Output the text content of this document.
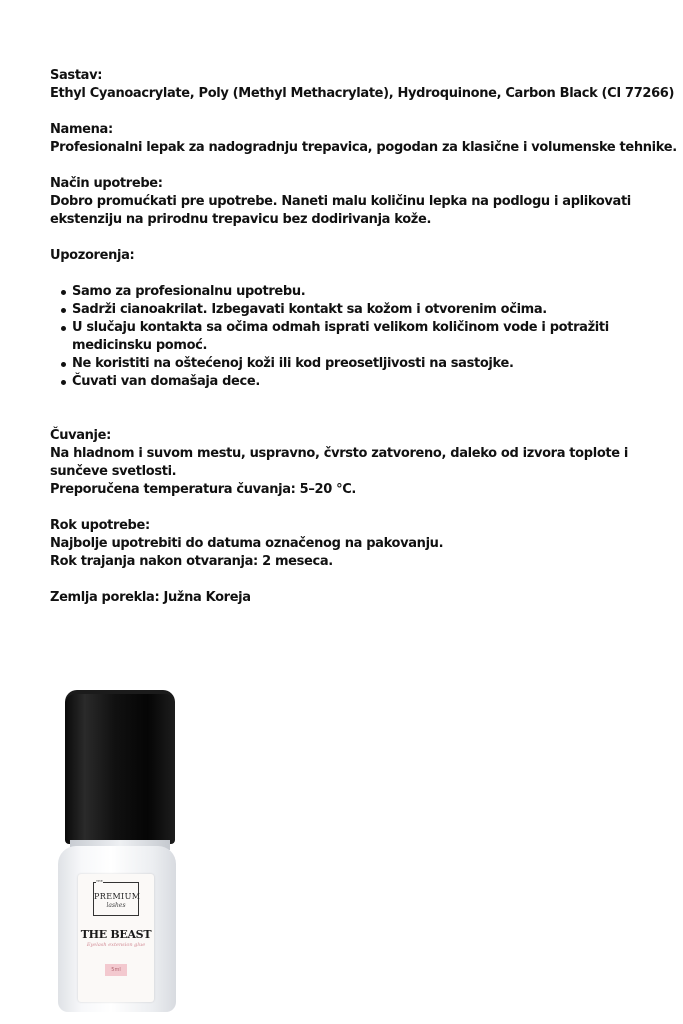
Sastav:
Ethyl Cyanoacrylate, Poly (Methyl Methacrylate), Hydroquinone, Carbon Black (CI 77266)
Namena:
Profesionalni lepak za nadogradnju trepavica, pogodan za klasične i volumenske tehnike.
Način upotrebe:
Dobro promućkati pre upotrebe. Naneti malu količinu lepka na podlogu i aplikovati
ekstenziju na prirodnu trepavicu bez dodirivanja kože.
Upozorenja:
Samo za profesionalnu upotrebu.
Sadrži cianoakrilat. Izbegavati kontakt sa kožom i otvorenim očima.
U slučaju kontakta sa očima odmah isprati velikom količinom vode i potražiti medicinsku pomoć.
Ne koristiti na oštećenoj koži ili kod preosetljivosti na sastojke.
Čuvati van domašaja dece.
Čuvanje:
Na hladnom i suvom mestu, uspravno, čvrsto zatvoreno, daleko od izvora toplote i
sunčeve svetlosti.
Preporučena temperatura čuvanja: 5–20 °C.
Rok upotrebe:
Najbolje upotrebiti do datuma označenog na pakovanju.
Rok trajanja nakon otvaranja: 2 meseca.
Zemlja porekla: Južna Koreja
THE
PREMIUM
lashes
THE BEAST
Eyelash extension glue
5ml
